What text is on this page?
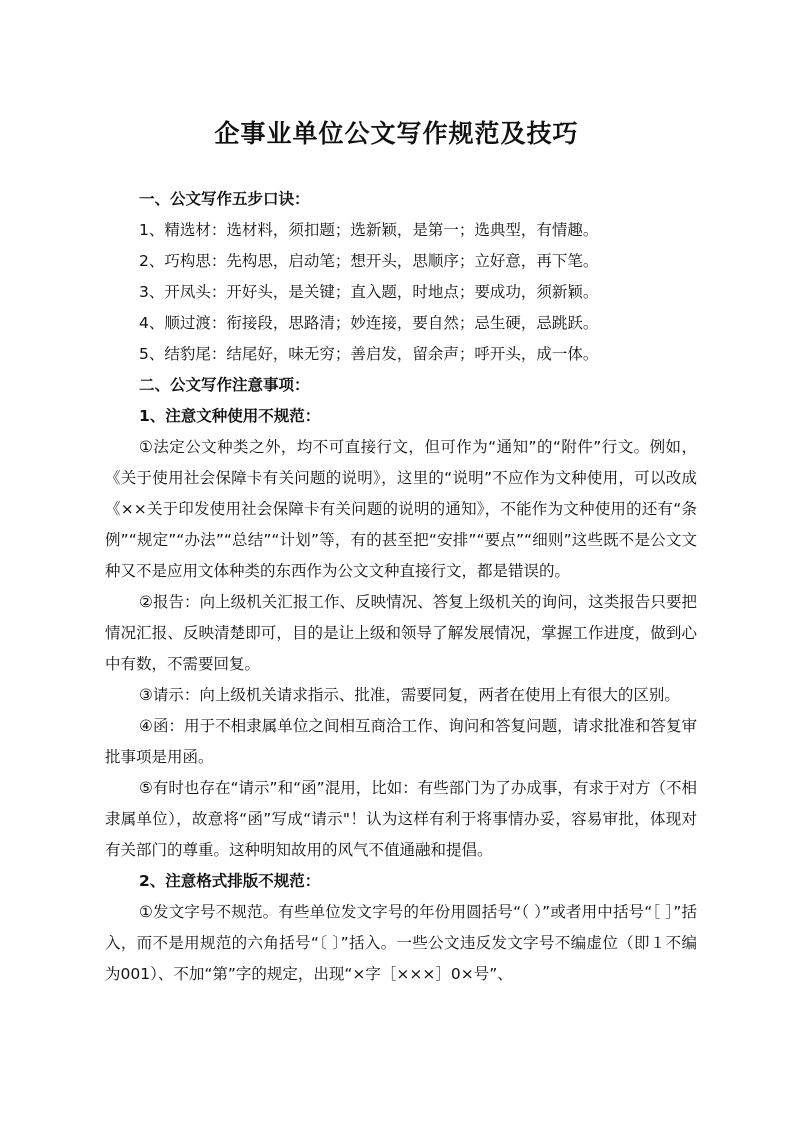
企事业单位公文写作规范及技巧

一、公文写作五步口诀：

1、精选材：选材料，须扣题；选新颖，是第一；选典型，有情趣。

2、巧构思：先构思，启动笔；想开头，思顺序；立好意，再下笔。

3、开凤头：开好头，是关键；直入题，时地点；要成功，须新颖。

4、顺过渡：衔接段，思路清；妙连接，要自然；忌生硬，忌跳跃。

5、结豹尾：结尾好，味无穷；善启发，留余声；呼开头，成一体。

二、公文写作注意事项：

1、注意文种使用不规范：

①法定公文种类之外，均不可直接行文，但可作为“通知”的“附件”行文。例如，《关于使用社会保障卡有关问题的说明》，这里的“说明”不应作为文种使用，可以改成《××关于印发使用社会保障卡有关问题的说明的通知》，不能作为文种使用的还有“条例”“规定”“办法”“总结”“计划”等，有的甚至把“安排”“要点”“细则”这些既不是公文文种又不是应用文体种类的东西作为公文文种直接行文，都是错误的。

②报告：向上级机关汇报工作、反映情况、答复上级机关的询问，这类报告只要把情况汇报、反映清楚即可，目的是让上级和领导了解发展情况，掌握工作进度，做到心中有数，不需要回复。

③请示：向上级机关请求指示、批准，需要同复，两者在使用上有很大的区别。

④函：用于不相隶属单位之间相互商洽工作、询问和答复问题，请求批准和答复审批事项是用函。

⑤有时也存在“请示”和“函”混用，比如：有些部门为了办成事，有求于对方（不相隶属单位），故意将“函”写成“请示"！认为这样有利于将事情办妥，容易审批，体现对有关部门的尊重。这种明知故用的风气不值通融和提倡。

2、注意格式排版不规范：

①发文字号不规范。有些单位发文字号的年份用圆括号“（ ）”或者用中括号“［ ］”括入，而不是用规范的六角括号“〔 〕”括入。一些公文违反发文字号不编虚位（即１不编为001）、不加“第”字的规定，出现“×字［×××］0×号”、
